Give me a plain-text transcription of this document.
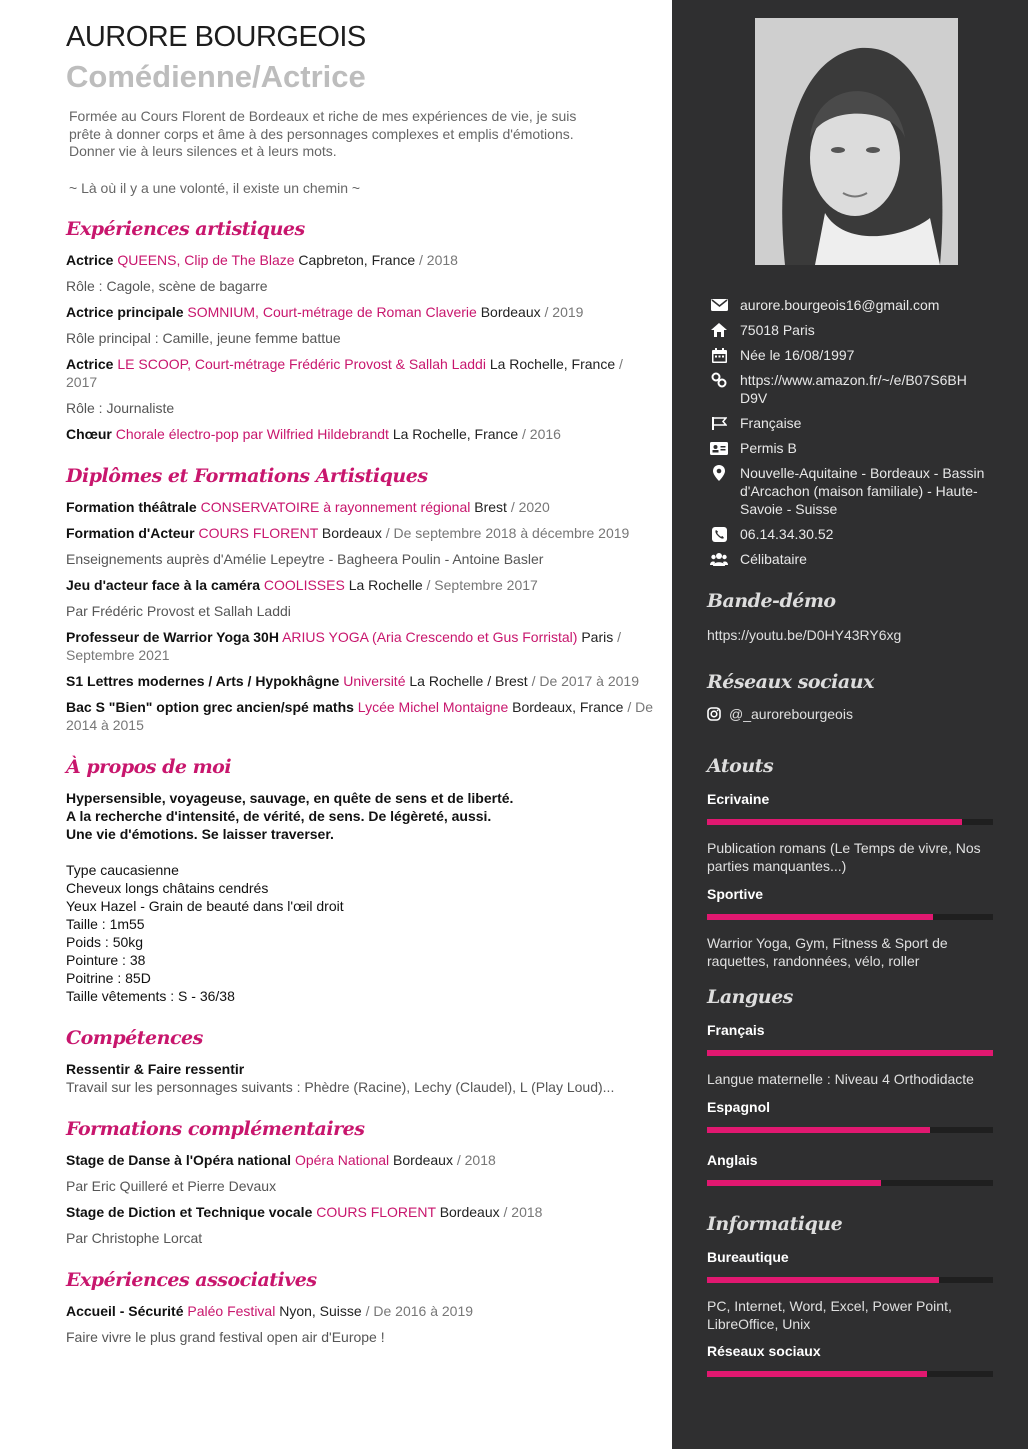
AURORE BOURGEOIS
Comédienne/Actrice
Formée au Cours Florent de Bordeaux et riche de mes expériences de vie, je suis prête à donner corps et âme à des personnages complexes et emplis d'émotions. Donner vie à leurs silences et à leurs mots.
~ Là où il y a une volonté, il existe un chemin ~
Expériences artistiques
Actrice QUEENS, Clip de The Blaze Capbreton, France / 2018
Rôle : Cagole, scène de bagarre
Actrice principale SOMNIUM, Court-métrage de Roman Claverie Bordeaux / 2019
Rôle principal : Camille, jeune femme battue
Actrice LE SCOOP, Court-métrage Frédéric Provost & Sallah Laddi La Rochelle, France / 2017
Rôle : Journaliste
Chœur Chorale électro-pop par Wilfried Hildebrandt La Rochelle, France / 2016
Diplômes et Formations Artistiques
Formation théâtrale CONSERVATOIRE à rayonnement régional Brest / 2020
Formation d'Acteur COURS FLORENT Bordeaux / De septembre 2018 à décembre 2019
Enseignements auprès d'Amélie Lepeytre - Bagheera Poulin - Antoine Basler
Jeu d'acteur face à la caméra COOLISSES La Rochelle / Septembre 2017
Par Frédéric Provost et Sallah Laddi
Professeur de Warrior Yoga 30H ARIUS YOGA (Aria Crescendo et Gus Forristal) Paris / Septembre 2021
S1 Lettres modernes / Arts / Hypokhâgne Université La Rochelle / Brest / De 2017 à 2019
Bac S "Bien" option grec ancien/spé maths Lycée Michel Montaigne Bordeaux, France / De 2014 à 2015
À propos de moi

Hypersensible, voyageuse, sauvage, en quête de sens et de liberté.

A la recherche d'intensité, de vérité, de sens. De légèreté, aussi.

Une vie d'émotions. Se laisser traverser.

Type caucasienne

Cheveux longs châtains cendrés

Yeux Hazel - Grain de beauté dans l'œil droit

Taille : 1m55

Poids : 50kg

Pointure : 38

Poitrine : 85D

Taille vêtements : S - 36/38

Compétences
Ressentir & Faire ressentir
Travail sur les personnages suivants : Phèdre (Racine), Lechy (Claudel), L (Play Loud)...
Formations complémentaires
Stage de Danse à l'Opéra national Opéra National Bordeaux / 2018
Par Eric Quilleré et Pierre Devaux
Stage de Diction et Technique vocale COURS FLORENT Bordeaux / 2018
Par Christophe Lorcat
Expériences associatives
Accueil - Sécurité Paléo Festival Nyon, Suisse / De 2016 à 2019
Faire vivre le plus grand festival open air d'Europe !
aurore.bourgeois16@gmail.com
75018 Paris
Née le 16/08/1997
https://www.amazon.fr/~/e/B07S6BH D9V
Française
Permis B
Nouvelle-Aquitaine - Bordeaux - Bassin d'Arcachon (maison familiale) - Haute-Savoie - Suisse
06.14.34.30.52
Célibataire
Bande-démo
https://youtu.be/D0HY43RY6xg
Réseaux sociaux
@_aurorebourgeois
Atouts
Ecrivaine
Publication romans (Le Temps de vivre, Nos parties manquantes...)
Sportive
Warrior Yoga, Gym, Fitness & Sport de raquettes, randonnées, vélo, roller
Langues
Français
Langue maternelle : Niveau 4 Orthodidacte
Espagnol
Anglais
Informatique
Bureautique
PC, Internet, Word, Excel, Power Point, LibreOffice, Unix
Réseaux sociaux
